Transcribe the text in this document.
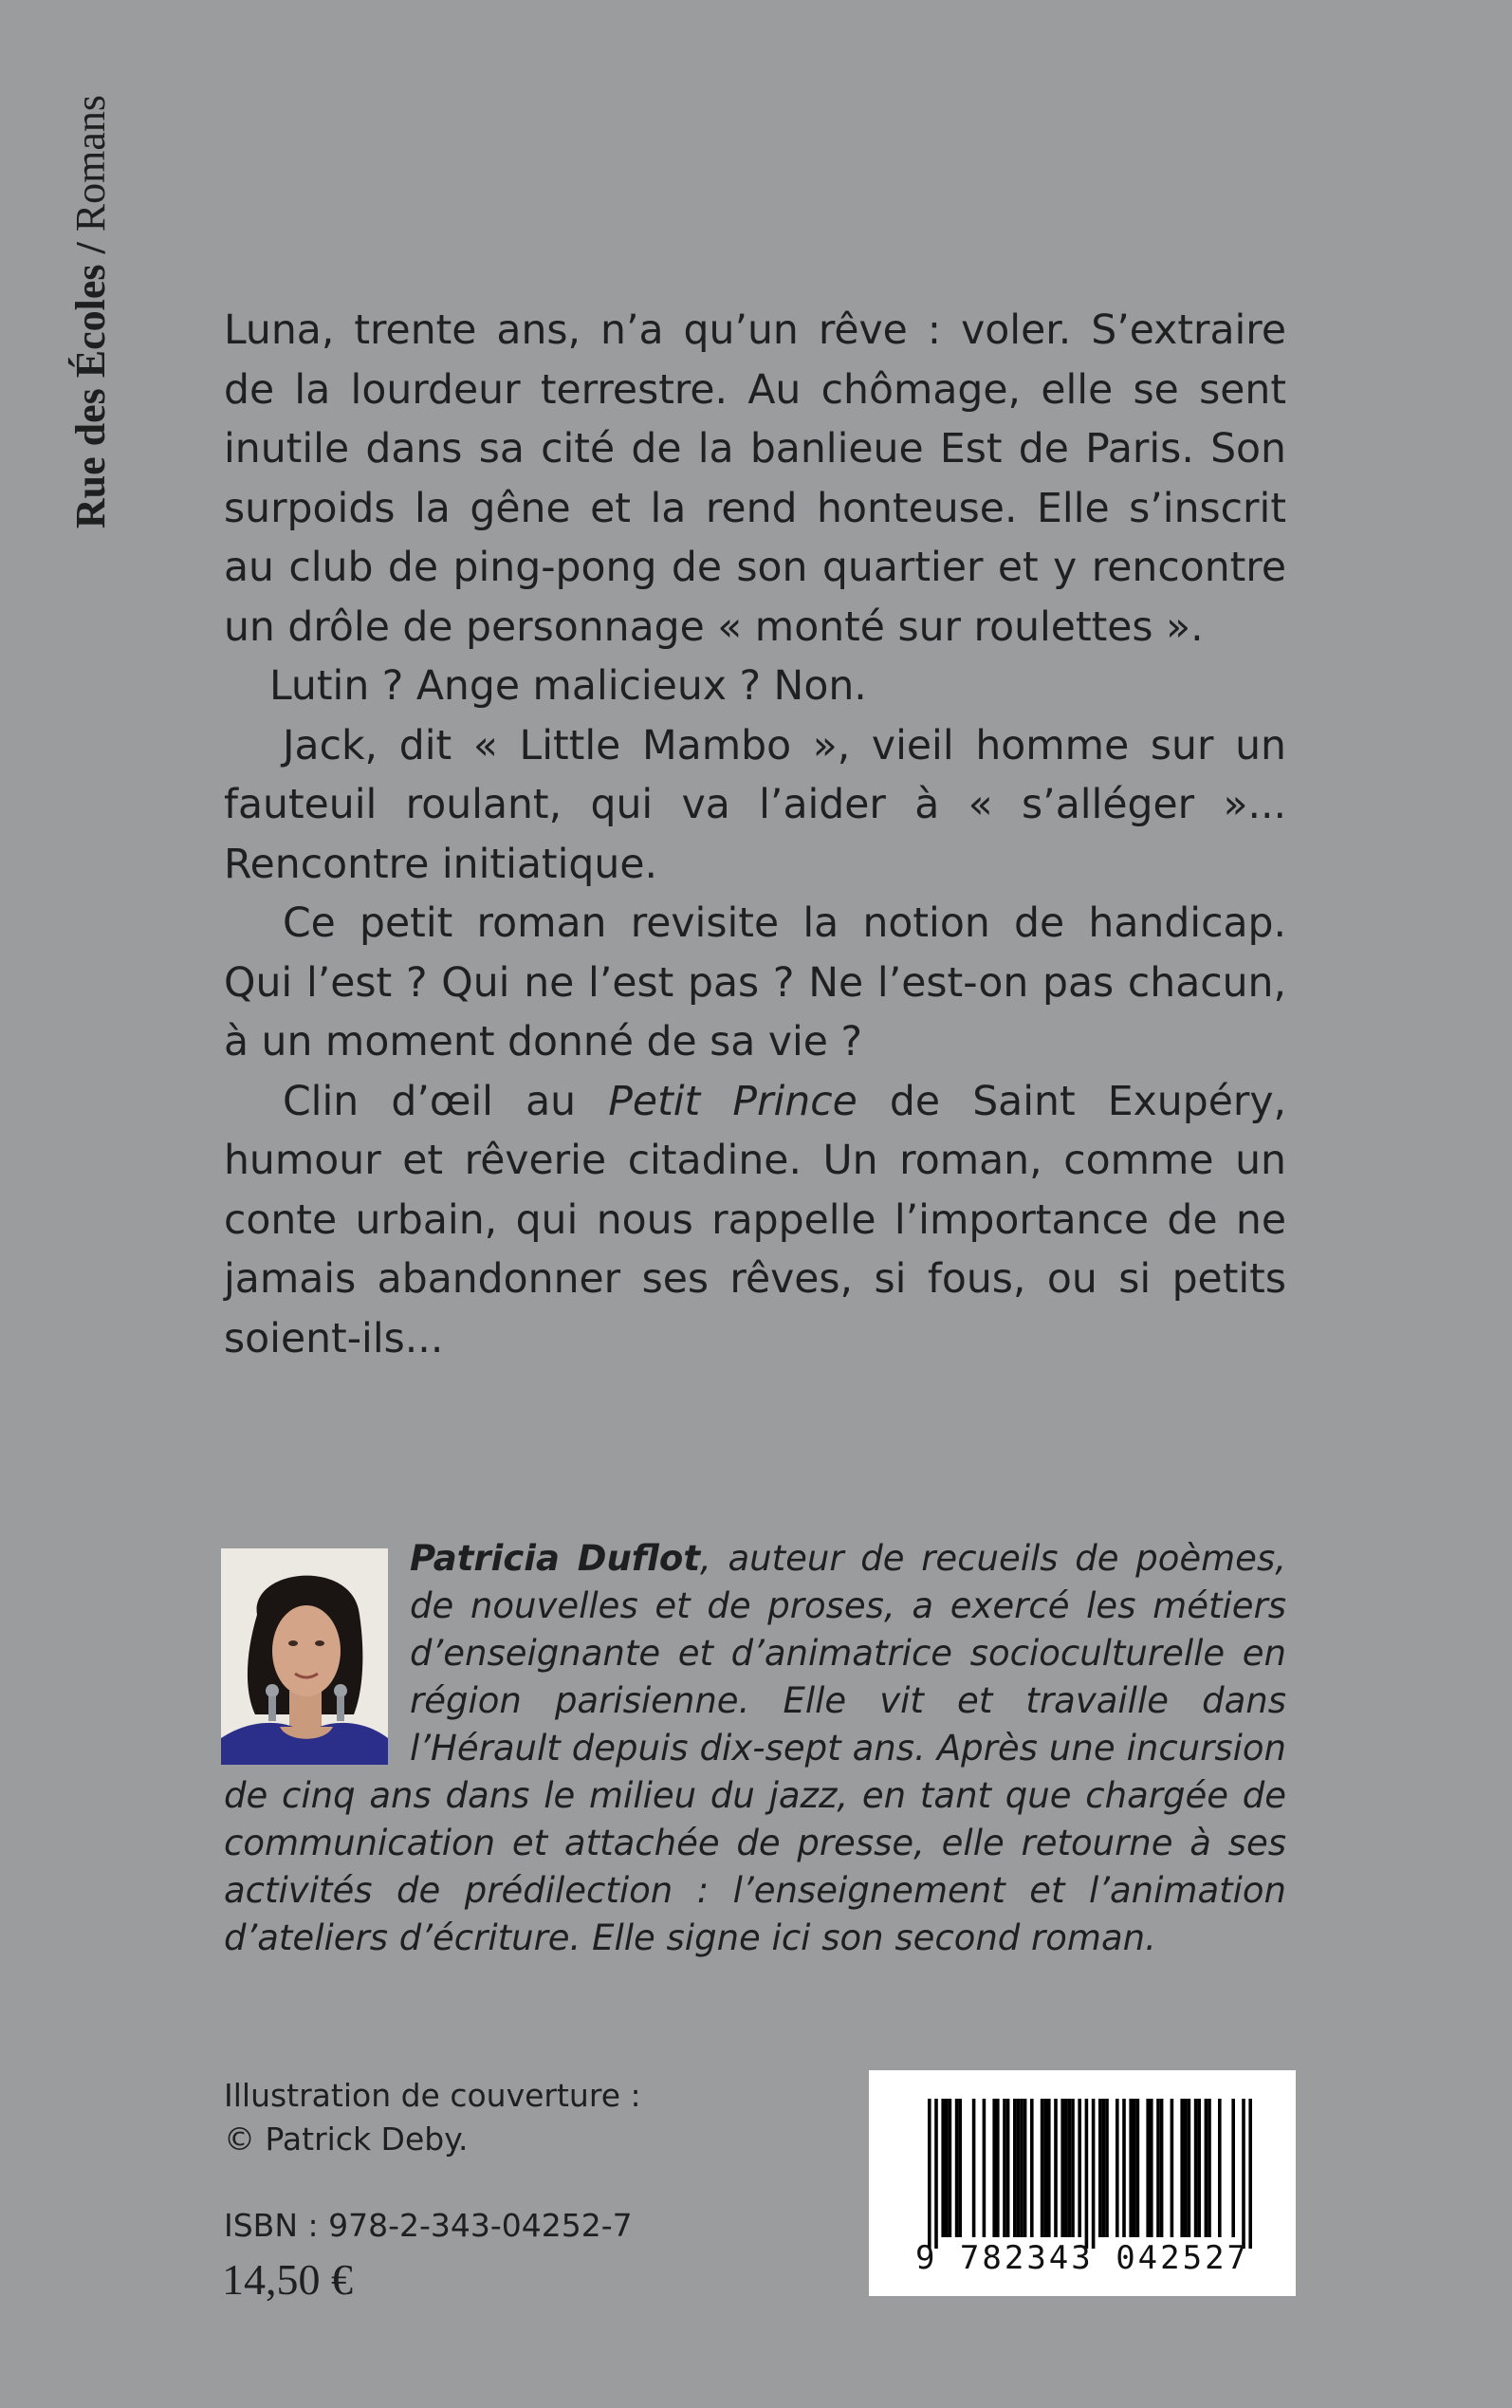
Rue des Écoles / Romans

Luna, trente ans, n’a qu’un rêve : voler. S’extraire de la lourdeur terrestre. Au chômage, elle se sent inutile dans sa cité de la banlieue Est de Paris. Son surpoids la gêne et la rend honteuse. Elle s’inscrit au club de ping-pong de son quartier et y rencontre un drôle de personnage « monté sur roulettes ».

Lutin ? Ange malicieux ? Non.

Jack, dit « Little Mambo », vieil homme sur un fauteuil roulant, qui va l’aider à « s’alléger »... Rencontre initiatique.

Ce petit roman revisite la notion de handicap. Qui l’est ? Qui ne l’est pas ? Ne l’est-on pas chacun, à un moment donné de sa vie ?

Clin d’œil au Petit Prince de Saint Exupéry, humour et rêverie citadine. Un roman, comme un conte urbain, qui nous rappelle l’importance de ne jamais abandonner ses rêves, si fous, ou si petits soient-ils...

Patricia Duflot, auteur de recueils de poèmes, de nouvelles et de proses, a exercé les métiers d’enseignante et d’animatrice socioculturelle en région parisienne. Elle vit et travaille dans l’Hérault depuis dix-sept ans. Après une incursion de cinq ans dans le milieu du jazz, en tant que chargée de communication et attachée de presse, elle retourne à ses activités de prédilection : l’enseignement et l’animation d’ateliers d’écriture. Elle signe ici son second roman.
Illustration de couverture :
© Patrick Deby.
ISBN : 978-2-343-04252-7
14,50 €	9 782343 042527
